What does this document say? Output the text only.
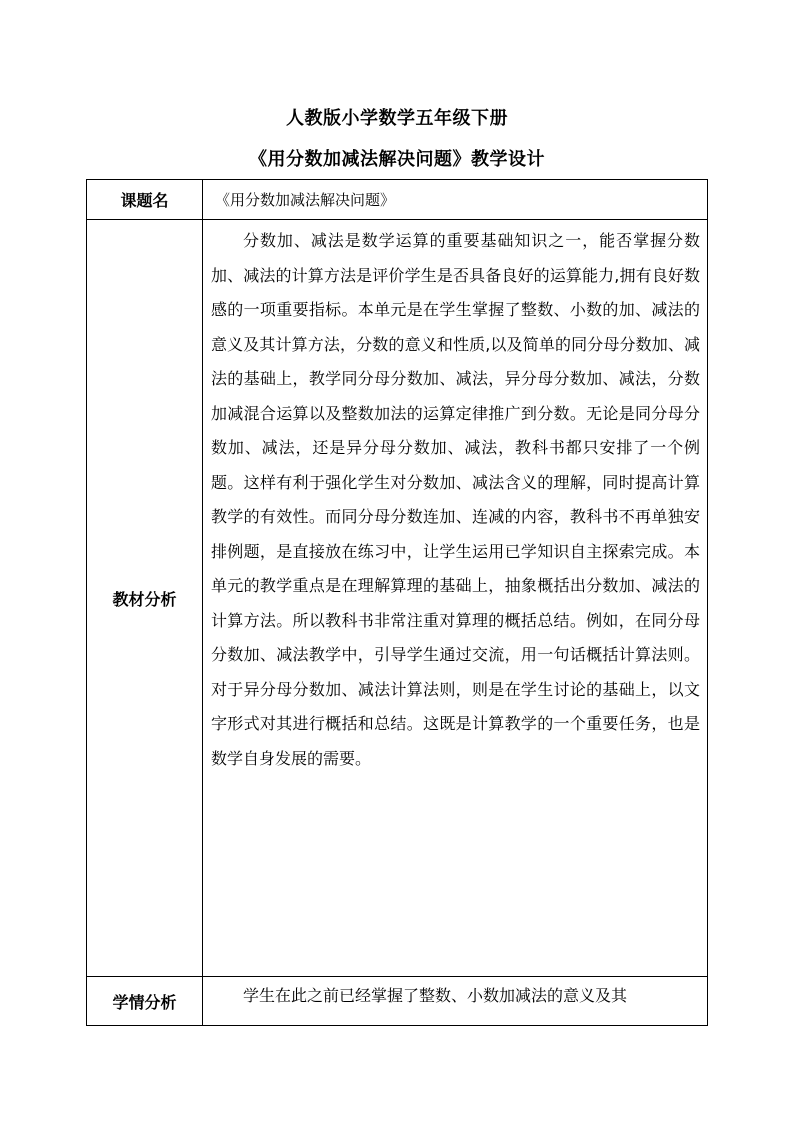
人教版小学数学五年级下册
《用分数加减法解决问题》教学设计
课题名	《用分数加减法解决问题》
教材分析	分数加、减法是数学运算的重要基础知识之一，能否掌握分数加、减法的计算方法是评价学生是否具备良好的运算能力,拥有良好数感的一项重要指标。本单元是在学生掌握了整数、小数的加、减法的意义及其计算方法，分数的意义和性质,以及简单的同分母分数加、减法的基础上，教学同分母分数加、减法，异分母分数加、减法，分数加减混合运算以及整数加法的运算定律推广到分数。无论是同分母分数加、减法，还是异分母分数加、减法，教科书都只安排了一个例题。这样有利于强化学生对分数加、减法含义的理解，同时提高计算教学的有效性。而同分母分数连加、连减的内容，教科书不再单独安排例题，是直接放在练习中，让学生运用已学知识自主探索完成。本单元的教学重点是在理解算理的基础上，抽象概括出分数加、减法的计算方法。所以教科书非常注重对算理的概括总结。例如，在同分母分数加、减法教学中，引导学生通过交流，用一句话概括计算法则。对于异分母分数加、减法计算法则，则是在学生讨论的基础上，以文字形式对其进行概括和总结。这既是计算教学的一个重要任务，也是数学自身发展的需要。
学情分析	学生在此之前已经掌握了整数、小数加减法的意义及其
